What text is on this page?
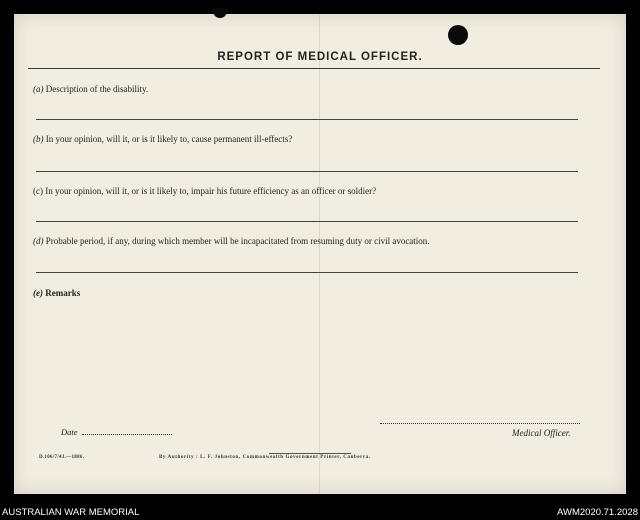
REPORT OF MEDICAL OFFICER.
(a) Description of the disability.
(b) In your opinion, will it, or is it likely to, cause permanent ill-effects?
(c) In your opinion, will it, or is it likely to, impair his future efficiency as an officer or soldier?
(d) Probable period, if any, during which member will be incapacitated from resuming duty or civil avocation.
(e) Remarks
Date	Medical Officer.
D.106/7/43.—1886.	By Authority : L. F. Johnston, Commonwealth Government Printer, Canberra.
AUSTRALIAN WAR MEMORIAL	AWM2020.71.2028
